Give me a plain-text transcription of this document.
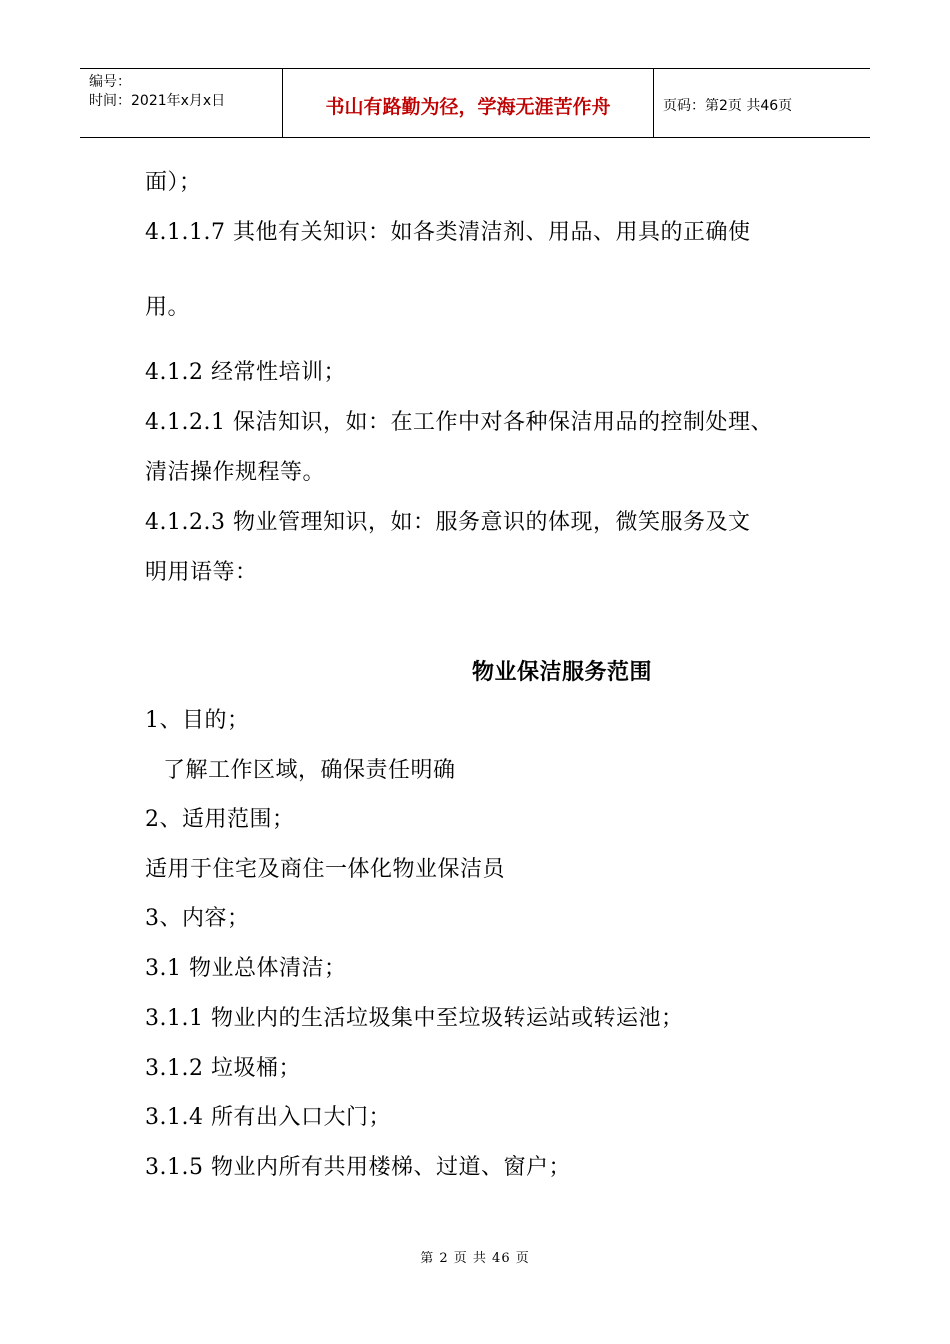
编号：
时间：2021年x月x日	书山有路勤为径，学海无涯苦作舟	页码：第2页 共46页
面）；
4.1.1.7 其他有关知识：如各类清洁剂、用品、用具的正确使
用。
4.1.2 经常性培训；
4.1.2.1 保洁知识，如：在工作中对各种保洁用品的控制处理、
清洁操作规程等。
4.1.2.3 物业管理知识，如：服务意识的体现，微笑服务及文
明用语等：
物业保洁服务范围
1、目的；
了解工作区域，确保责任明确
2、适用范围；
适用于住宅及商住一体化物业保洁员
3、内容；
3.1 物业总体清洁；
3.1.1 物业内的生活垃圾集中至垃圾转运站或转运池；
3.1.2 垃圾桶；
3.1.4 所有出入口大门；
3.1.5 物业内所有共用楼梯、过道、窗户；
第 2 页 共 46 页
